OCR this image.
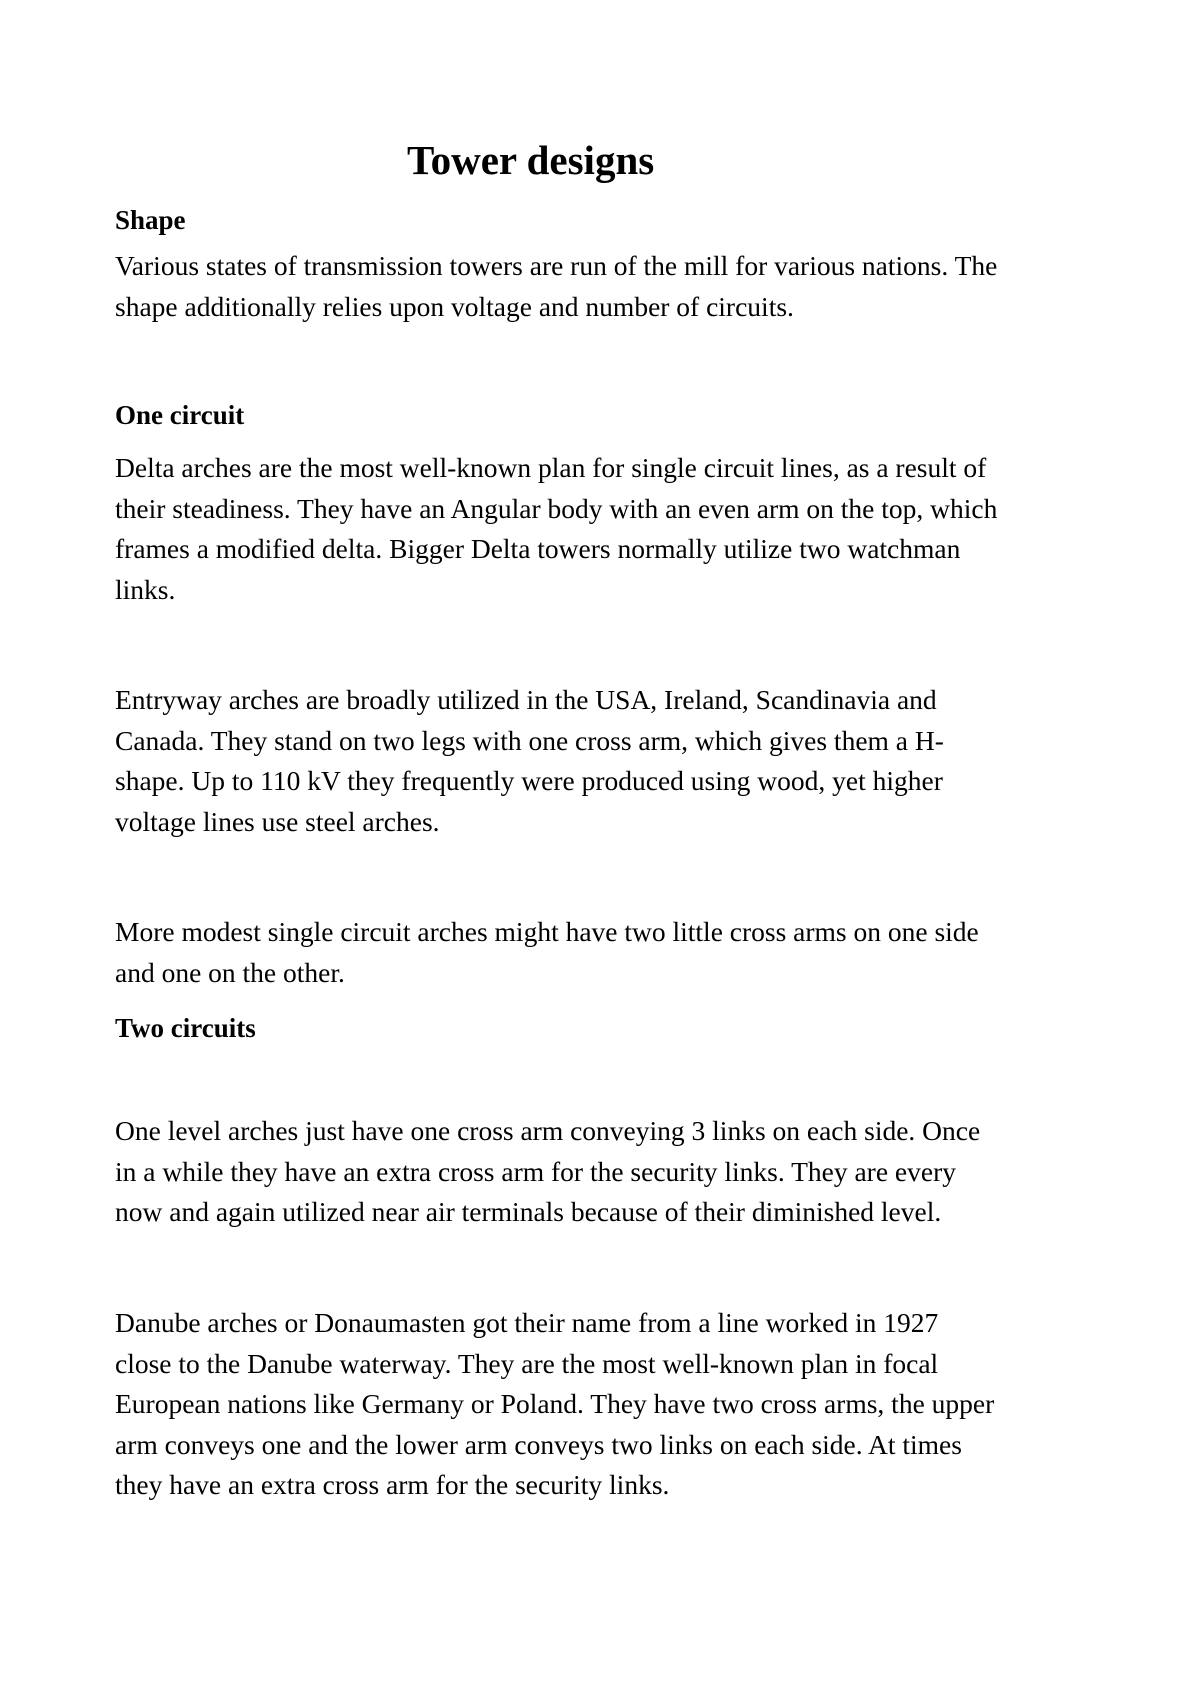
Tower designs
Shape
Various states of transmission towers are run of the mill for various nations. The
shape additionally relies upon voltage and number of circuits.
One circuit
Delta arches are the most well-known plan for single circuit lines, as a result of
their steadiness. They have an Angular body with an even arm on the top, which
frames a modified delta. Bigger Delta towers normally utilize two watchman
links.
Entryway arches are broadly utilized in the USA, Ireland, Scandinavia and
Canada. They stand on two legs with one cross arm, which gives them a H-
shape. Up to 110 kV they frequently were produced using wood, yet higher
voltage lines use steel arches.
More modest single circuit arches might have two little cross arms on one side
and one on the other.
Two circuits
One level arches just have one cross arm conveying 3 links on each side. Once
in a while they have an extra cross arm for the security links. They are every
now and again utilized near air terminals because of their diminished level.
Danube arches or Donaumasten got their name from a line worked in 1927
close to the Danube waterway. They are the most well-known plan in focal
European nations like Germany or Poland. They have two cross arms, the upper
arm conveys one and the lower arm conveys two links on each side. At times
they have an extra cross arm for the security links.
